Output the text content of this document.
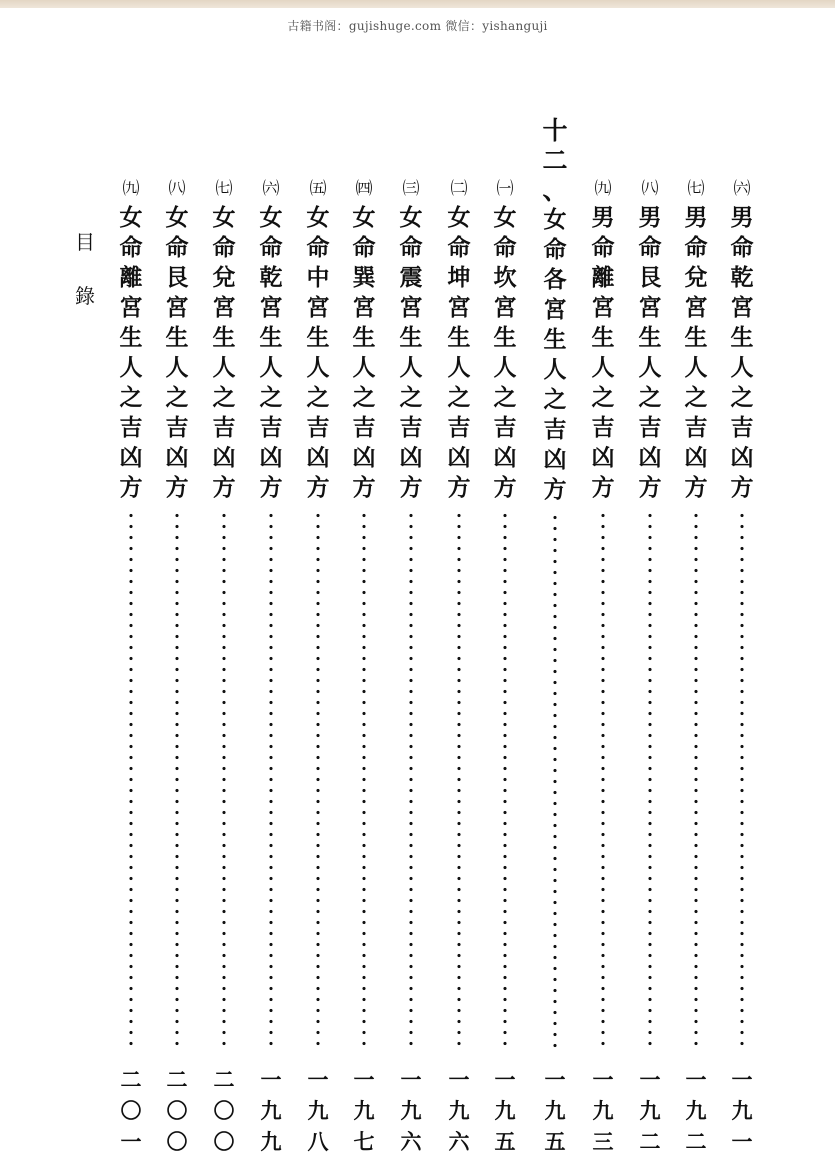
古籍书阁：gujishuge.com 微信：yishanguji
目
錄
㈥
男
命
乾
宮
生
人
之
吉
凶
方
一
九
一
㈦
男
命
兌
宮
生
人
之
吉
凶
方
一
九
二
㈧
男
命
艮
宮
生
人
之
吉
凶
方
一
九
二
㈨
男
命
離
宮
生
人
之
吉
凶
方
一
九
三
十
二
、
女
命
各
宮
生
人
之
吉
凶
方
一
九
五
㈠
女
命
坎
宮
生
人
之
吉
凶
方
一
九
五
㈡
女
命
坤
宮
生
人
之
吉
凶
方
一
九
六
㈢
女
命
震
宮
生
人
之
吉
凶
方
一
九
六
㈣
女
命
巽
宮
生
人
之
吉
凶
方
一
九
七
㈤
女
命
中
宮
生
人
之
吉
凶
方
一
九
八
㈥
女
命
乾
宮
生
人
之
吉
凶
方
一
九
九
㈦
女
命
兌
宮
生
人
之
吉
凶
方
二
〇
〇
㈧
女
命
艮
宮
生
人
之
吉
凶
方
二
〇
〇
㈨
女
命
離
宮
生
人
之
吉
凶
方
二
〇
一
